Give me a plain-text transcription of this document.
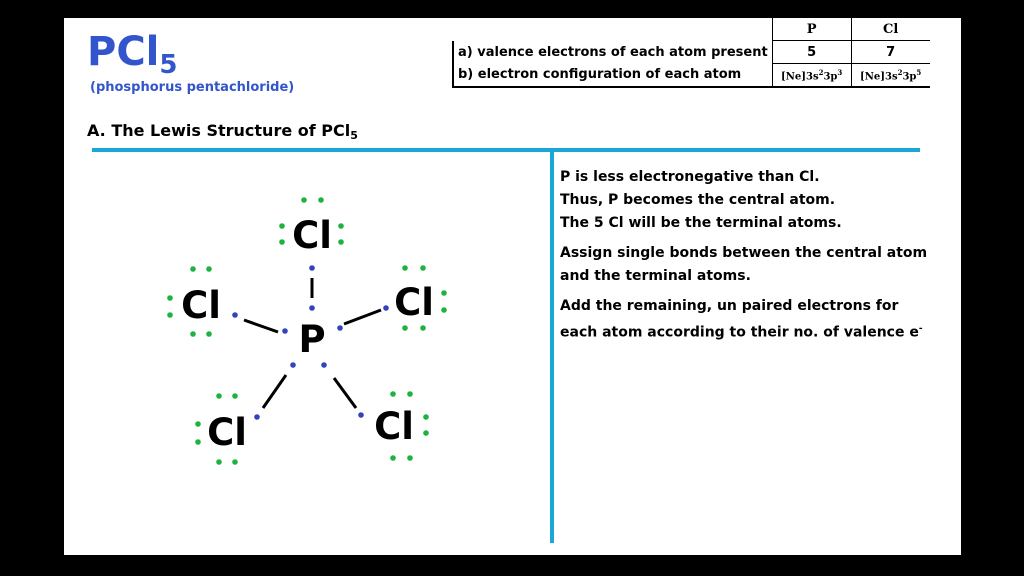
PCl$_5$
(phosphorus pentachloride)
	P	Cl
a) valence electrons of each atom present	5	7
b) electron configuration of each atom	$[Ne]3s^23p^3$	$[Ne]3s^23p^5$
A. The Lewis Structure of PCl$_5$
P
Cl
Cl	Cl
Cl	Cl
P is less electronegative than Cl.
Thus, P becomes the central atom.
The 5 Cl will be the terminal atoms.
Assign single bonds between the central atom
and the terminal atoms.
Add the remaining, un paired electrons for
each atom according to their no. of valence e-
